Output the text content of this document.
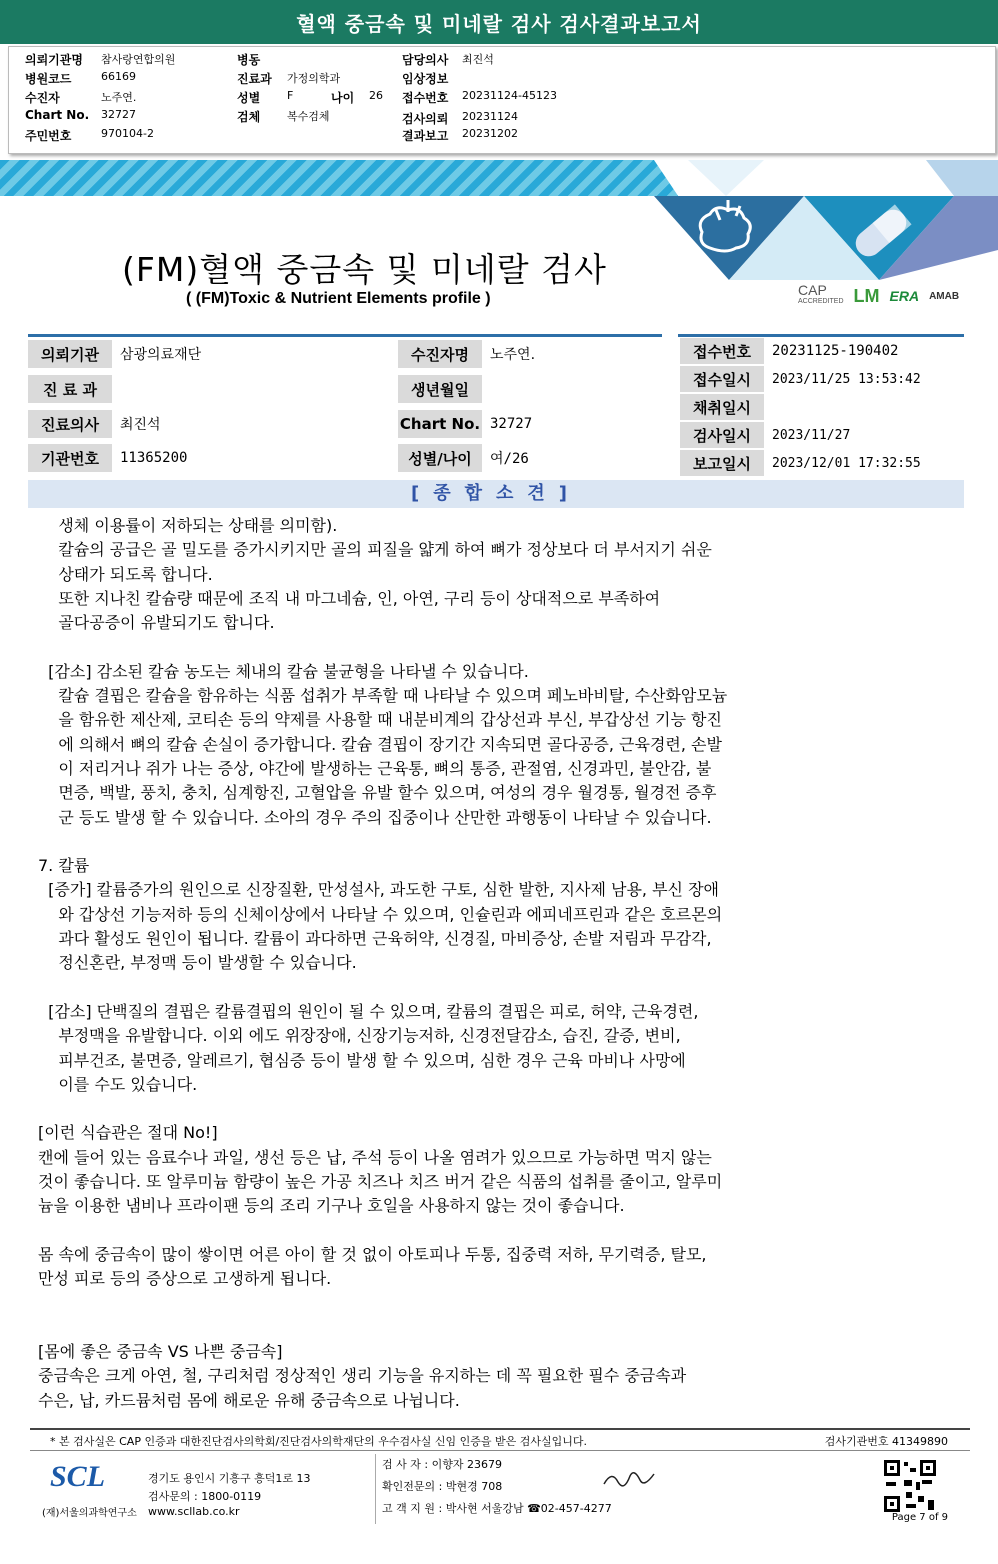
혈액 중금속 및 미네랄 검사 검사결과보고서
의뢰기관명	참사랑연합의원
병원코드	66169
수진자	노주연.
Chart No.	32727
주민번호	970104-2
병동
진료과	가정의학과
성별	F	나이	26
검체	복수검체
담당의사	최진석
임상정보
접수번호	20231124-45123
검사의뢰	20231124
결과보고	20231202
(FM)혈액 중금속 및 미네랄 검사
( (FM)Toxic & Nutrient Elements profile )	CAP
ACCREDITED LM ERA AMAB
의뢰기관	삼광의료재단
진 료 과
진료의사	최진석
기관번호	11365200
수진자명	노주연.
생년월일
Chart No. 32727
성별/나이	여/26
접수번호	20231125-190402
접수일시	2023/11/25 13:53:42
채취일시
검사일시	2023/11/27
보고일시	2023/12/01 17:32:55
[종합소견]
생체 이용률이 저하되는 상태를 의미함).
칼슘의 공급은 골 밀도를 증가시키지만 골의 피질을 얇게 하여 뼈가 정상보다 더 부서지기 쉬운
상태가 되도록 합니다.
또한 지나친 칼슘량 때문에 조직 내 마그네슘, 인, 아연, 구리 등이 상대적으로 부족하여
골다공증이 유발되기도 합니다.
[감소] 감소된 칼슘 농도는 체내의 칼슘 불균형을 나타낼 수 있습니다.
칼슘 결핍은 칼슘을 함유하는 식품 섭취가 부족할 때 나타날 수 있으며 페노바비탈, 수산화암모늄
을 함유한 제산제, 코티손 등의 약제를 사용할 때 내분비계의 갑상선과 부신, 부갑상선 기능 항진
에 의해서 뼈의 칼슘 손실이 증가합니다. 칼슘 결핍이 장기간 지속되면 골다공증, 근육경련, 손발
이 저리거나 쥐가 나는 증상, 야간에 발생하는 근육통, 뼈의 통증, 관절염, 신경과민, 불안감, 불
면증, 백발, 풍치, 충치, 심계항진, 고혈압을 유발 할수 있으며, 여성의 경우 월경통, 월경전 증후
군 등도 발생 할 수 있습니다. 소아의 경우 주의 집중이나 산만한 과행동이 나타날 수 있습니다.
7. 칼륨
[증가] 칼륨증가의 원인으로 신장질환, 만성설사, 과도한 구토, 심한 발한, 지사제 남용, 부신 장애
와 갑상선 기능저하 등의 신체이상에서 나타날 수 있으며, 인슐린과 에피네프린과 같은 호르몬의
과다 활성도 원인이 됩니다. 칼륨이 과다하면 근육허약, 신경질, 마비증상, 손발 저림과 무감각,
정신혼란, 부정맥 등이 발생할 수 있습니다.
[감소] 단백질의 결핍은 칼륨결핍의 원인이 될 수 있으며, 칼륨의 결핍은 피로, 허약, 근육경련,
부정맥을 유발합니다. 이외 에도 위장장애, 신장기능저하, 신경전달감소, 습진, 갈증, 변비,
피부건조, 불면증, 알레르기, 협심증 등이 발생 할 수 있으며, 심한 경우 근육 마비나 사망에
이를 수도 있습니다.
[이런 식습관은 절대 No!]
캔에 들어 있는 음료수나 과일, 생선 등은 납, 주석 등이 나올 염려가 있으므로 가능하면 먹지 않는
것이 좋습니다. 또 알루미늄 함량이 높은 가공 치즈나 치즈 버거 같은 식품의 섭취를 줄이고, 알루미
늄을 이용한 냄비나 프라이팬 등의 조리 기구나 호일을 사용하지 않는 것이 좋습니다.
몸 속에 중금속이 많이 쌓이면 어른 아이 할 것 없이 아토피나 두통, 집중력 저하, 무기력증, 탈모,
만성 피로 등의 증상으로 고생하게 됩니다.
[몸에 좋은 중금속 VS 나쁜 중금속]
중금속은 크게 아연, 철, 구리처럼 정상적인 생리 기능을 유지하는 데 꼭 필요한 필수 중금속과
수은, 납, 카드뮴처럼 몸에 해로운 유해 중금속으로 나뉩니다.
* 본 검사실은 CAP 인증과 대한진단검사의학회/진단검사의학재단의 우수검사실 신임 인증을 받은 검사실입니다.	검사기관번호 41349890
SCL
(재)서울의과학연구소
경기도 용인시 기흥구 흥덕1로 13
검사문의 : 1800-0119
www.scllab.co.kr
검 사 자 : 이향자 23679
확인전문의 : 박현경 708
고 객 지 원 : 박사현 서울강남 ☎02-457-4277
Page 7 of 9
